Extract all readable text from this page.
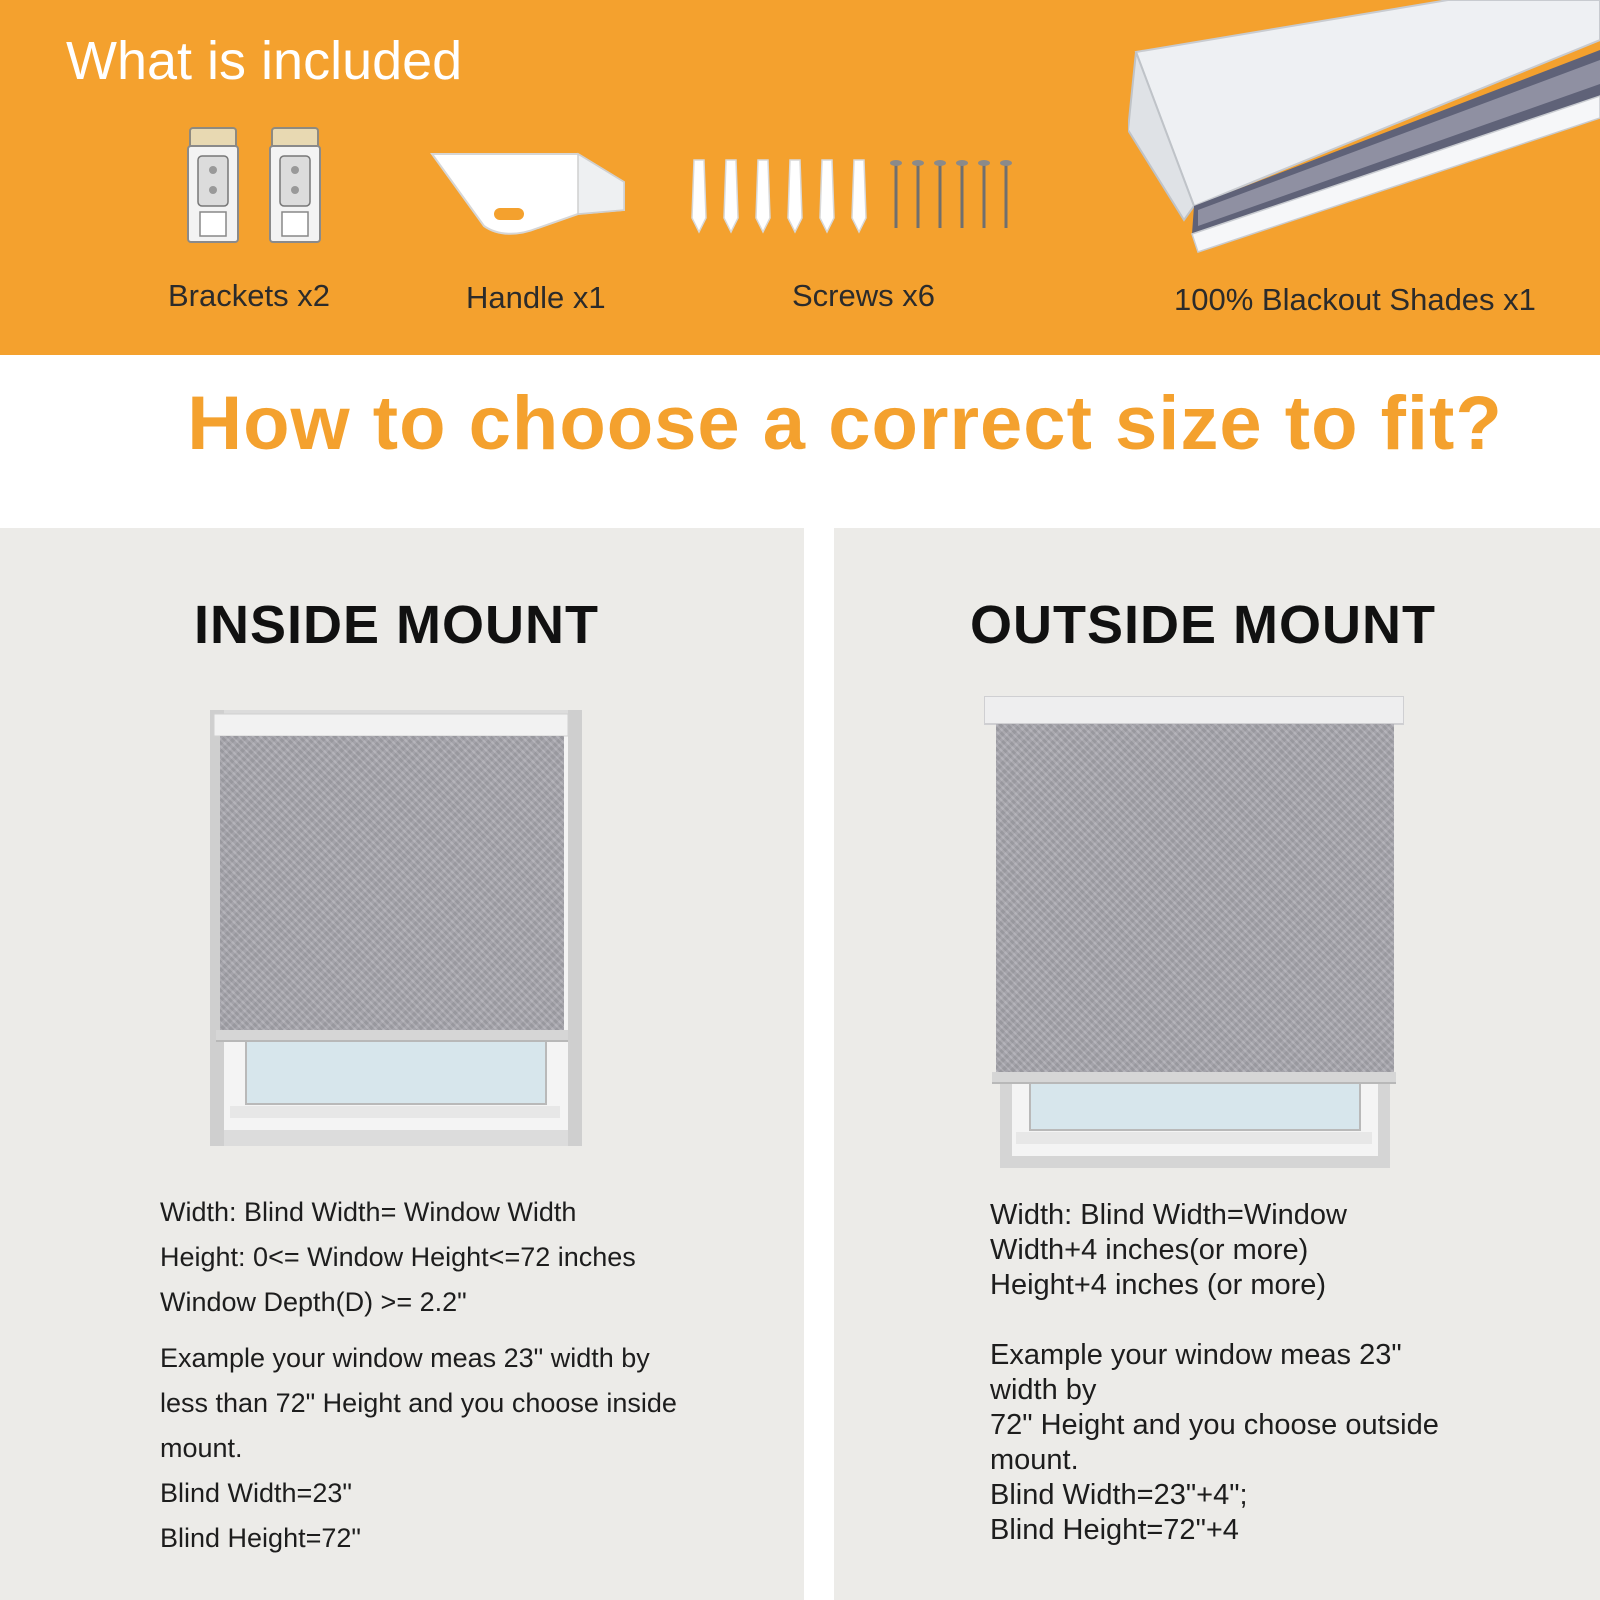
What is included
Brackets x2	Handle x1	Screws x6	100% Blackout Shades x1
How to choose a correct size to fit?
INSIDE MOUNT
Width: Blind Width= Window Width
Height: 0<= Window Height<=72 inches
Window Depth(D) >= 2.2"
Example your window meas 23" width by
less than 72" Height and you choose inside
mount.
Blind Width=23"
Blind Height=72"
OUTSIDE MOUNT
Width: Blind Width=Window
Width+4 inches(or more)
Height+4 inches (or more)
Example your window meas 23"
width by
72" Height and you choose outside
mount.
Blind Width=23"+4";
Blind Height=72"+4
